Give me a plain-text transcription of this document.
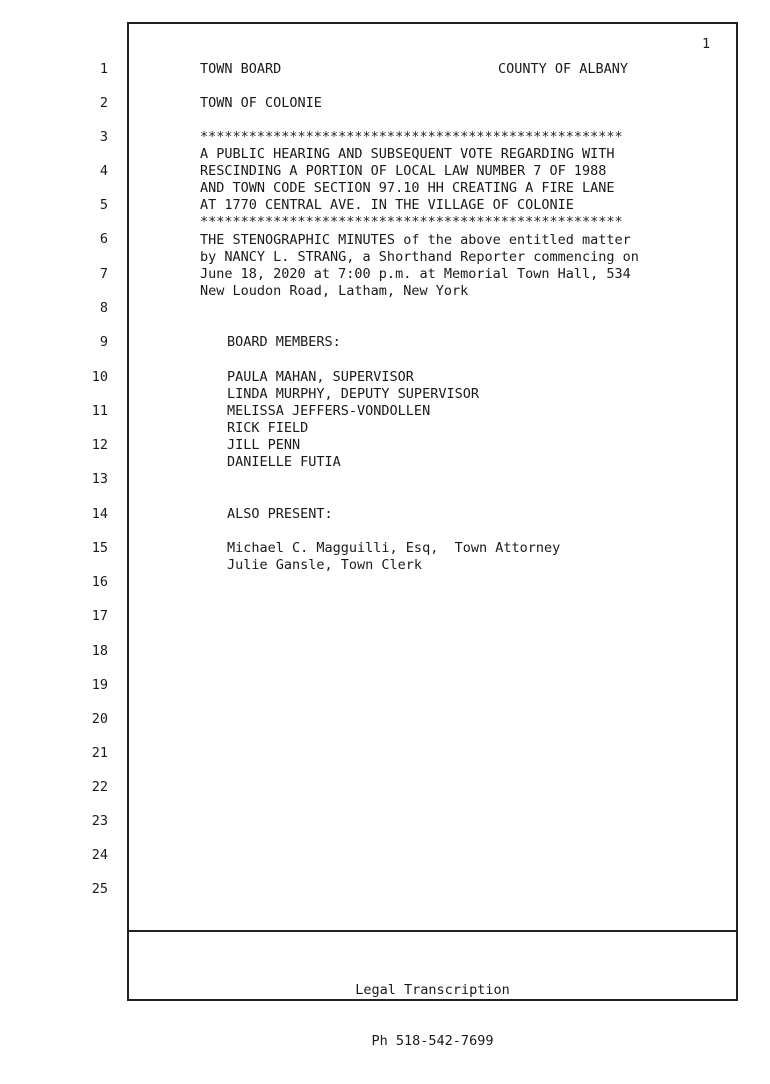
Legal Transcription

Ph 518-542-7699

1
1
2
3
4
5
6
7
8
9
10
11
12
13
14
15
16
17
18
19
20
21
22
23
24
25
TOWN BOARD	COUNTY OF ALBANY
TOWN OF COLONIE
****************************************************
A PUBLIC HEARING AND SUBSEQUENT VOTE REGARDING WITH
RESCINDING A PORTION OF LOCAL LAW NUMBER 7 OF 1988
AND TOWN CODE SECTION 97.10 HH CREATING A FIRE LANE
AT 1770 CENTRAL AVE. IN THE VILLAGE OF COLONIE
****************************************************
THE STENOGRAPHIC MINUTES of the above entitled matter
by NANCY L. STRANG, a Shorthand Reporter commencing on
June 18, 2020 at 7:00 p.m. at Memorial Town Hall, 534
New Loudon Road, Latham, New York
BOARD MEMBERS:
PAULA MAHAN, SUPERVISOR
LINDA MURPHY, DEPUTY SUPERVISOR
MELISSA JEFFERS-VONDOLLEN
RICK FIELD
JILL PENN
DANIELLE FUTIA
ALSO PRESENT:
Michael C. Magguilli, Esq,  Town Attorney
Julie Gansle, Town Clerk
